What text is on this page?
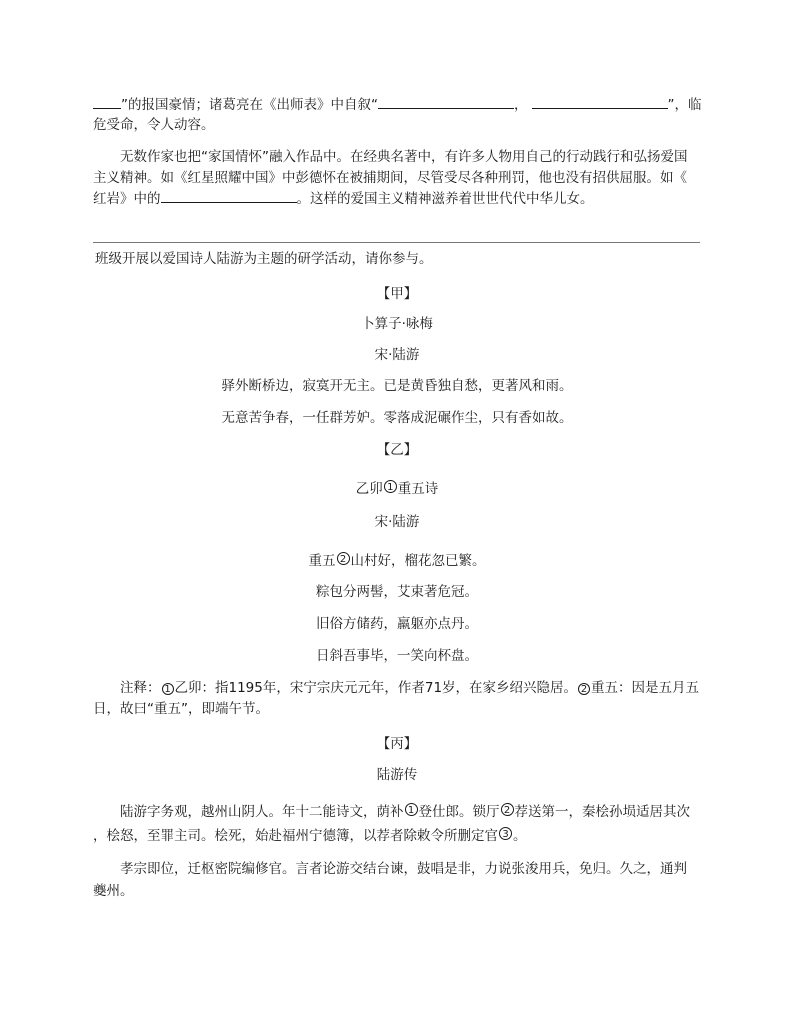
”的报国豪情；诸葛亮在《出师表》中自叙“	，	”，临
危受命，令人动容。
无数作家也把“家国情怀”融入作品中。在经典名著中，有许多人物用自己的行动践行和弘扬爱国
主义精神。如《红星照耀中国》中彭德怀在被捕期间，尽管受尽各种刑罚，他也没有招供屈服。如《
红岩》中的	。这样的爱国主义精神滋养着世世代代中华儿女。
班级开展以爱国诗人陆游为主题的研学活动，请你参与。
【甲】
卜算子·咏梅
宋·陆游
驿外断桥边，寂寞开无主。已是黄昏独自愁，更著风和雨。
无意苦争春，一任群芳妒。零落成泥碾作尘，只有香如故。
【乙】
乙卯 1 重五诗
宋·陆游
重五 2 山村好，榴花忽已繁。
粽包分两髻，艾束著危冠。
旧俗方储药，羸躯亦点丹。
日斜吾事毕，一笑向杯盘。
注释： 1 乙卯：指1195年，宋宁宗庆元元年，作者71岁，在家乡绍兴隐居。 2 重五：因是五月五
日，故曰“重五”，即端午节。
【丙】
陆游传
陆游字务观，越州山阴人。年十二能诗文，荫补 1 登仕郎。锁厅 2 荐送第一，秦桧孙埙适居其次
，桧怒，至罪主司。桧死，始赴福州宁德簿，以荐者除敕令所删定官 3 。
孝宗即位，迁枢密院编修官。言者论游交结台谏，鼓唱是非，力说张浚用兵，免归。久之，通判
夔州。
